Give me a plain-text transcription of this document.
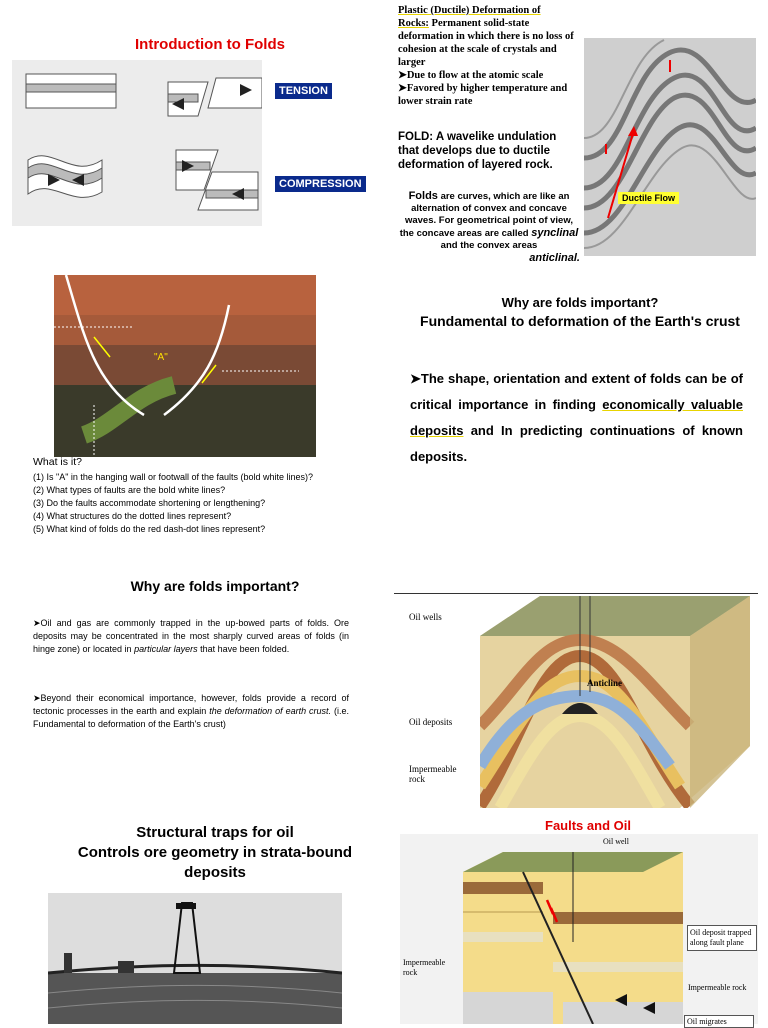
Introduction to Folds
TENSION
COMPRESSION
Plastic (Ductile) Deformation of Rocks: Permanent solid-state deformation in which there is no loss of cohesion at the scale of crystals and larger
➤Due to flow at the atomic scale
➤Favored by higher temperature and lower strain rate
FOLD: A wavelike undulation that develops due to ductile deformation of layered rock.
Folds are curves, which are like an alternation of convex and concave waves. For geometrical point of view, the concave areas are called synclinal and the convex areas
anticlinal.
Ductile Flow
"A"
What is it?
(1) Is "A" in the hanging wall or footwall of the faults (bold white lines)?
(2) What types of faults are the bold white lines?
(3) Do the faults accommodate shortening or lengthening?
(4) What structures do the dotted lines represent?
(5) What kind of folds do the red dash-dot lines represent?
Why are folds important?
Fundamental to deformation of the Earth's crust
➤The shape, orientation and extent of folds can be of critical importance in finding economically valuable deposits and In predicting continuations of known deposits.
Why are folds important?
➤Oil and gas are commonly trapped in the up-bowed parts of folds. Ore deposits may be concentrated in the most sharply curved areas of folds (in hinge zone) or located in particular layers that have been folded.
➤Beyond their economical importance, however, folds provide a record of tectonic processes in the earth and explain the deformation of earth crust. (i.e. Fundamental to deformation of the Earth's crust)
Oil wells
Anticline
Oil deposits
Impermeable rock
Structural traps for oil
Controls ore geometry in strata-bound
deposits
Faults and Oil
Oil well
Impermeable rock
Oil deposit trapped along fault plane
Impermeable rock
Oil migrates
